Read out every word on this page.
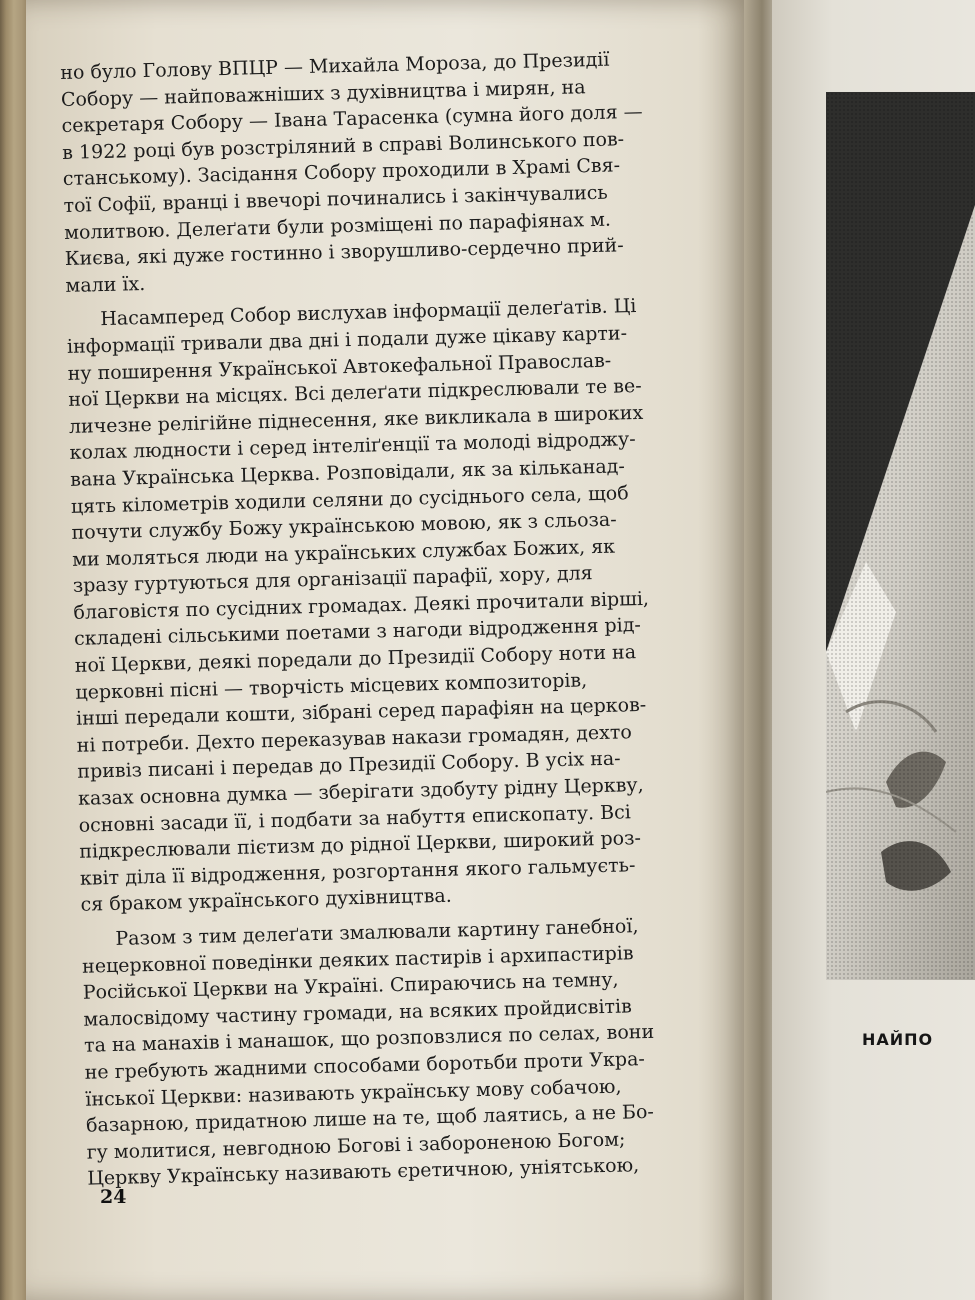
НАЙПО
но було Голову ВПЦР — Михайла Мороза, до Президії
Собору — найповажніших з духівництва і мирян, на
секретаря Собору — Івана Тарасенка (сумна його доля —
в 1922 році був розстріляний в справі Волинського пов-
станському). Засідання Собору проходили в Храмі Свя-
тої Софії, вранці і ввечорі починались і закінчувались
молитвою. Делеґати були розміщені по парафіянах м.
Києва, які дуже гостинно і зворушливо-сердечно прий-
мали їх.
Насамперед Собор вислухав інформації делеґатів. Ці
інформації тривали два дні і подали дуже цікаву карти-
ну поширення Української Автокефальної Православ-
ної Церкви на місцях. Всі делеґати підкреслювали те ве-
личезне релігійне піднесення, яке викликала в широких
колах людности і серед інтеліґенції та молоді відроджу-
вана Українська Церква. Розповідали, як за кільканад-
цять кілометрів ходили селяни до сусіднього села, щоб
почути службу Божу українською мовою, як з сльоза-
ми моляться люди на українських службах Божих, як
зразу гуртуються для організації парафії, хору, для
благовістя по сусідних громадах. Деякі прочитали вірші,
складені сільськими поетами з нагоди відродження рід-
ної Церкви, деякі поредали до Президії Собору ноти на
церковні пісні — творчість місцевих композиторів,
інші передали кошти, зібрані серед парафіян на церков-
ні потреби. Дехто переказував накази громадян, дехто
привіз писані і передав до Президії Собору. В усіх на-
казах основна думка — зберігати здобуту рідну Церкву,
основні засади її, і подбати за набуття епископату. Всі
підкреслювали пієтизм до рідної Церкви, широкий роз-
квіт діла її відродження, розгортання якого гальмуєть-
ся браком українського духівництва.
Разом з тим делеґати змалювали картину ганебної,
нецерковної поведінки деяких пастирів і архипастирів
Російської Церкви на Україні. Спираючись на темну,
малосвідому частину громади, на всяких пройдисвітів
та на манахів і манашок, що розповзлися по селах, вони
не гребують жадними способами боротьби проти Укра-
їнської Церкви: називають українську мову собачою,
базарною, придатною лише на те, щоб лаятись, а не Бо-
гу молитися, невгодною Богові і забороненою Богом;
Церкву Українську називають єретичною, уніятською,
24
